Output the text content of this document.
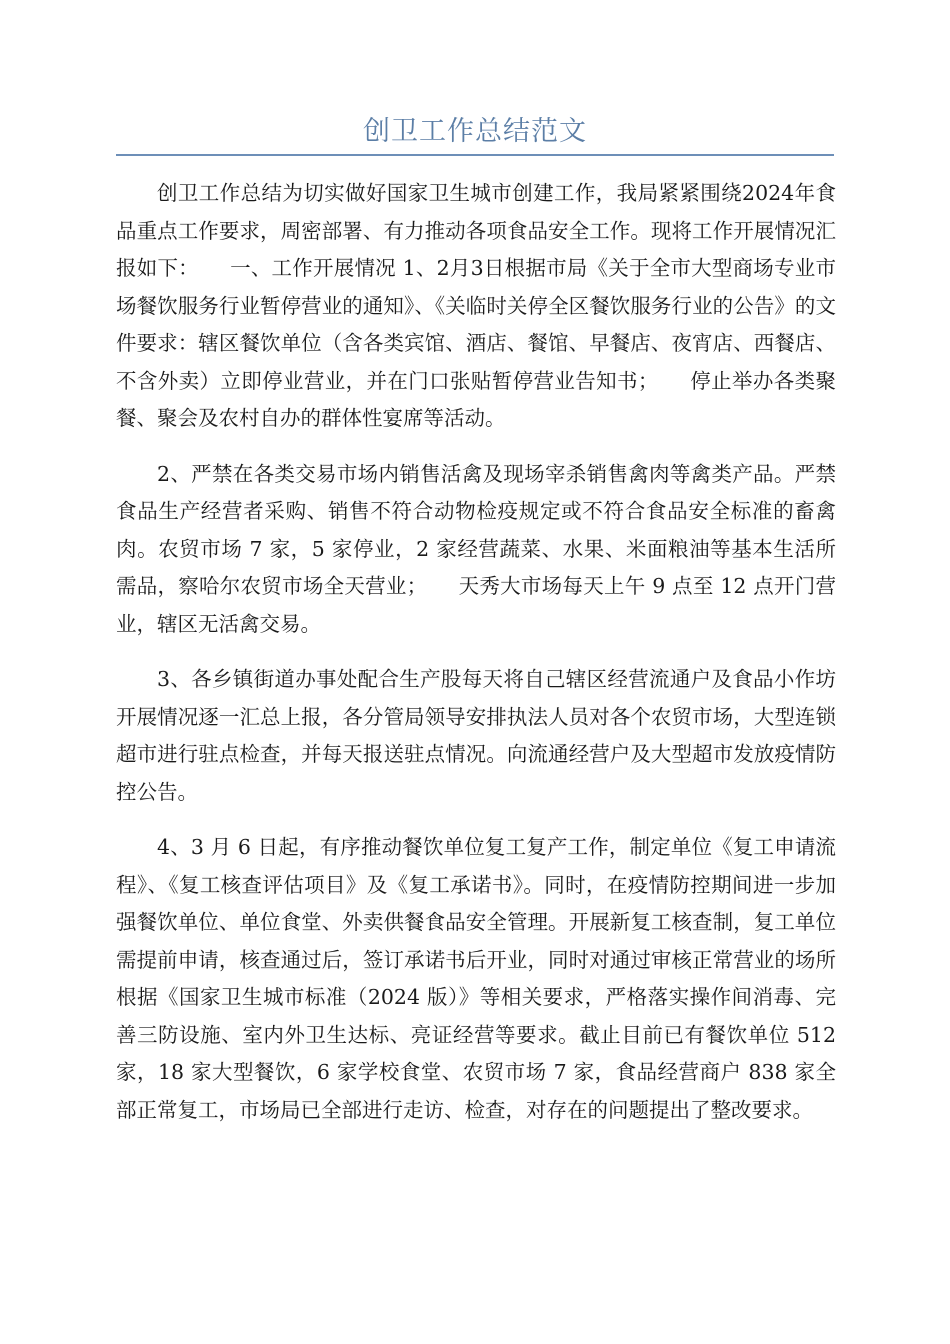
创卫工作总结范文

创卫工作总结为切实做好国家卫生城市创建工作，我局紧紧围绕2024年食品重点工作要求，周密部署、有力推动各项食品安全工作。现将工作开展情况汇报如下：　　一、工作开展情况 1、2月3日根据市局《关于全市大型商场专业市场餐饮服务行业暂停营业的通知》、《关临时关停全区餐饮服务行业的公告》的文件要求：辖区餐饮单位（含各类宾馆、酒店、餐馆、早餐店、夜宵店、西餐店、不含外卖）立即停业营业，并在门口张贴暂停营业告知书；　　停止举办各类聚餐、聚会及农村自办的群体性宴席等活动。

2、严禁在各类交易市场内销售活禽及现场宰杀销售禽肉等禽类产品。严禁食品生产经营者采购、销售不符合动物检疫规定或不符合食品安全标准的畜禽肉。农贸市场 7 家，5 家停业，2 家经营蔬菜、水果、米面粮油等基本生活所需品，察哈尔农贸市场全天营业；　　天秀大市场每天上午 9 点至 12 点开门营业，辖区无活禽交易。

3、各乡镇街道办事处配合生产股每天将自己辖区经营流通户及食品小作坊开展情况逐一汇总上报，各分管局领导安排执法人员对各个农贸市场，大型连锁超市进行驻点检查，并每天报送驻点情况。向流通经营户及大型超市发放疫情防控公告。

4、3 月 6 日起，有序推动餐饮单位复工复产工作，制定单位《复工申请流程》、《复工核查评估项目》及《复工承诺书》。同时，在疫情防控期间进一步加强餐饮单位、单位食堂、外卖供餐食品安全管理。开展新复工核查制，复工单位需提前申请，核查通过后，签订承诺书后开业，同时对通过审核正常营业的场所根据《国家卫生城市标准（2024 版）》等相关要求，严格落实操作间消毒、完善三防设施、室内外卫生达标、亮证经营等要求。截止目前已有餐饮单位 512 家，18 家大型餐饮，6 家学校食堂、农贸市场 7 家，食品经营商户 838 家全部正常复工，市场局已全部进行走访、检查，对存在的问题提出了整改要求。
